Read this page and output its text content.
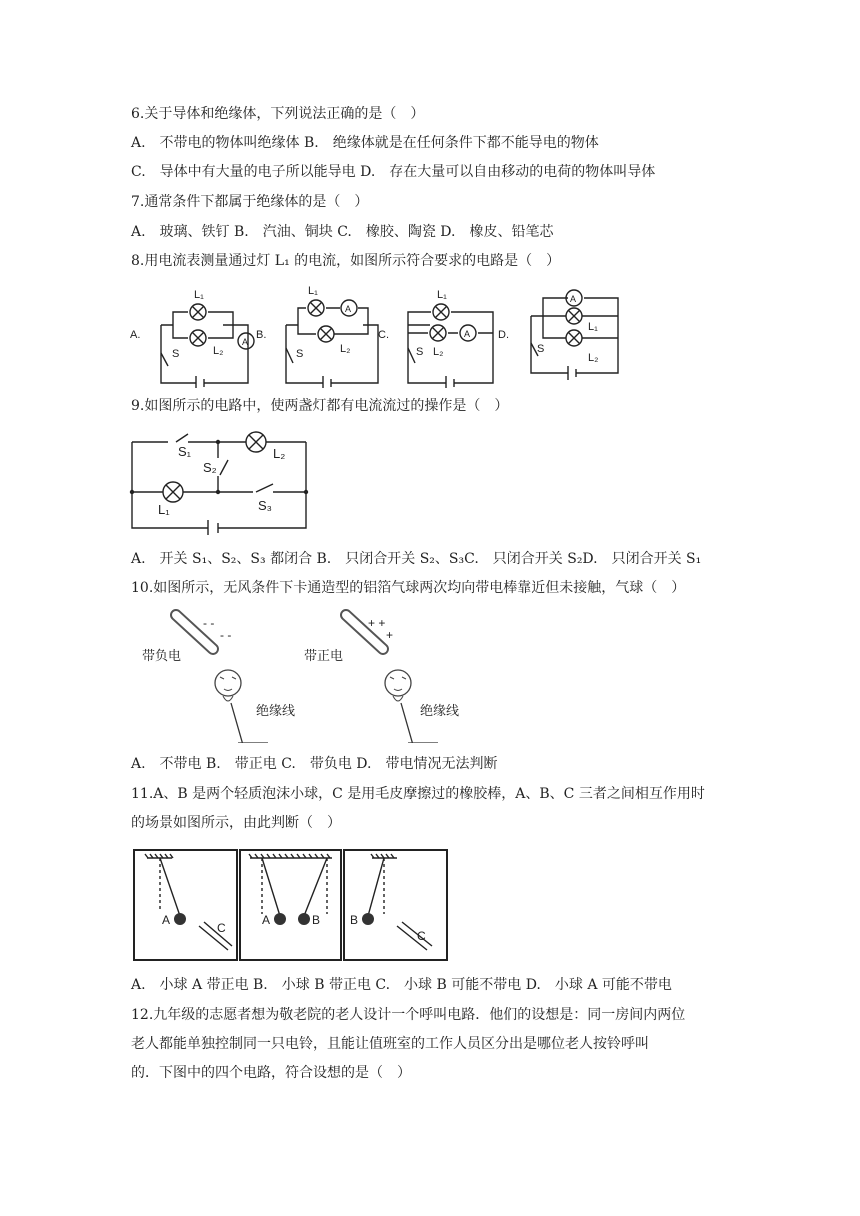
6.关于导体和绝缘体，下列说法正确的是（　）
A.　不带电的物体叫绝缘体 B.　绝缘体就是在任何条件下都不能导电的物体
C.　导体中有大量的电子所以能导电 D.　存在大量可以自由移动的电荷的物体叫导体
7.通常条件下都属于绝缘体的是（　）
A.　玻璃、铁钉 B.　汽油、铜块 C.　橡胶、陶瓷 D.　橡皮、铅笔芯
8.用电流表测量通过灯 L₁ 的电流，如图所示符合要求的电路是（　）
A.	B.	C.	D.
L₁
L₂
A
S
L₁
L₂
A
S
L₁
L₂
A
S
A
L₁
L₂
S
9.如图所示的电路中，使两盏灯都有电流流过的操作是（　）
S₁
S₂
L₂
L₁	S₃
A.　开关 S₁、S₂、S₃ 都闭合 B.　只闭合开关 S₂、S₃C.　只闭合开关 S₂D.　只闭合开关 S₁
10.如图所示，无风条件下卡通造型的铝箔气球两次均向带电棒靠近但未接触，气球（　）
- -
- -
带负电
绝缘线
+ +
+
带正电
绝缘线
A.　不带电 B.　带正电 C.　带负电 D.　带电情况无法判断
11.A、B 是两个轻质泡沫小球，C 是用毛皮摩擦过的橡胶棒，A、B、C 三者之间相互作用时
的场景如图所示，由此判断（　）
A
C
A	B B
C
A.　小球 A 带正电 B.　小球 B 带正电 C.　小球 B 可能不带电 D.　小球 A 可能不带电
12.九年级的志愿者想为敬老院的老人设计一个呼叫电路．他们的设想是：同一房间内两位
老人都能单独控制同一只电铃，且能让值班室的工作人员区分出是哪位老人按铃呼叫
的．下图中的四个电路，符合设想的是（　）
